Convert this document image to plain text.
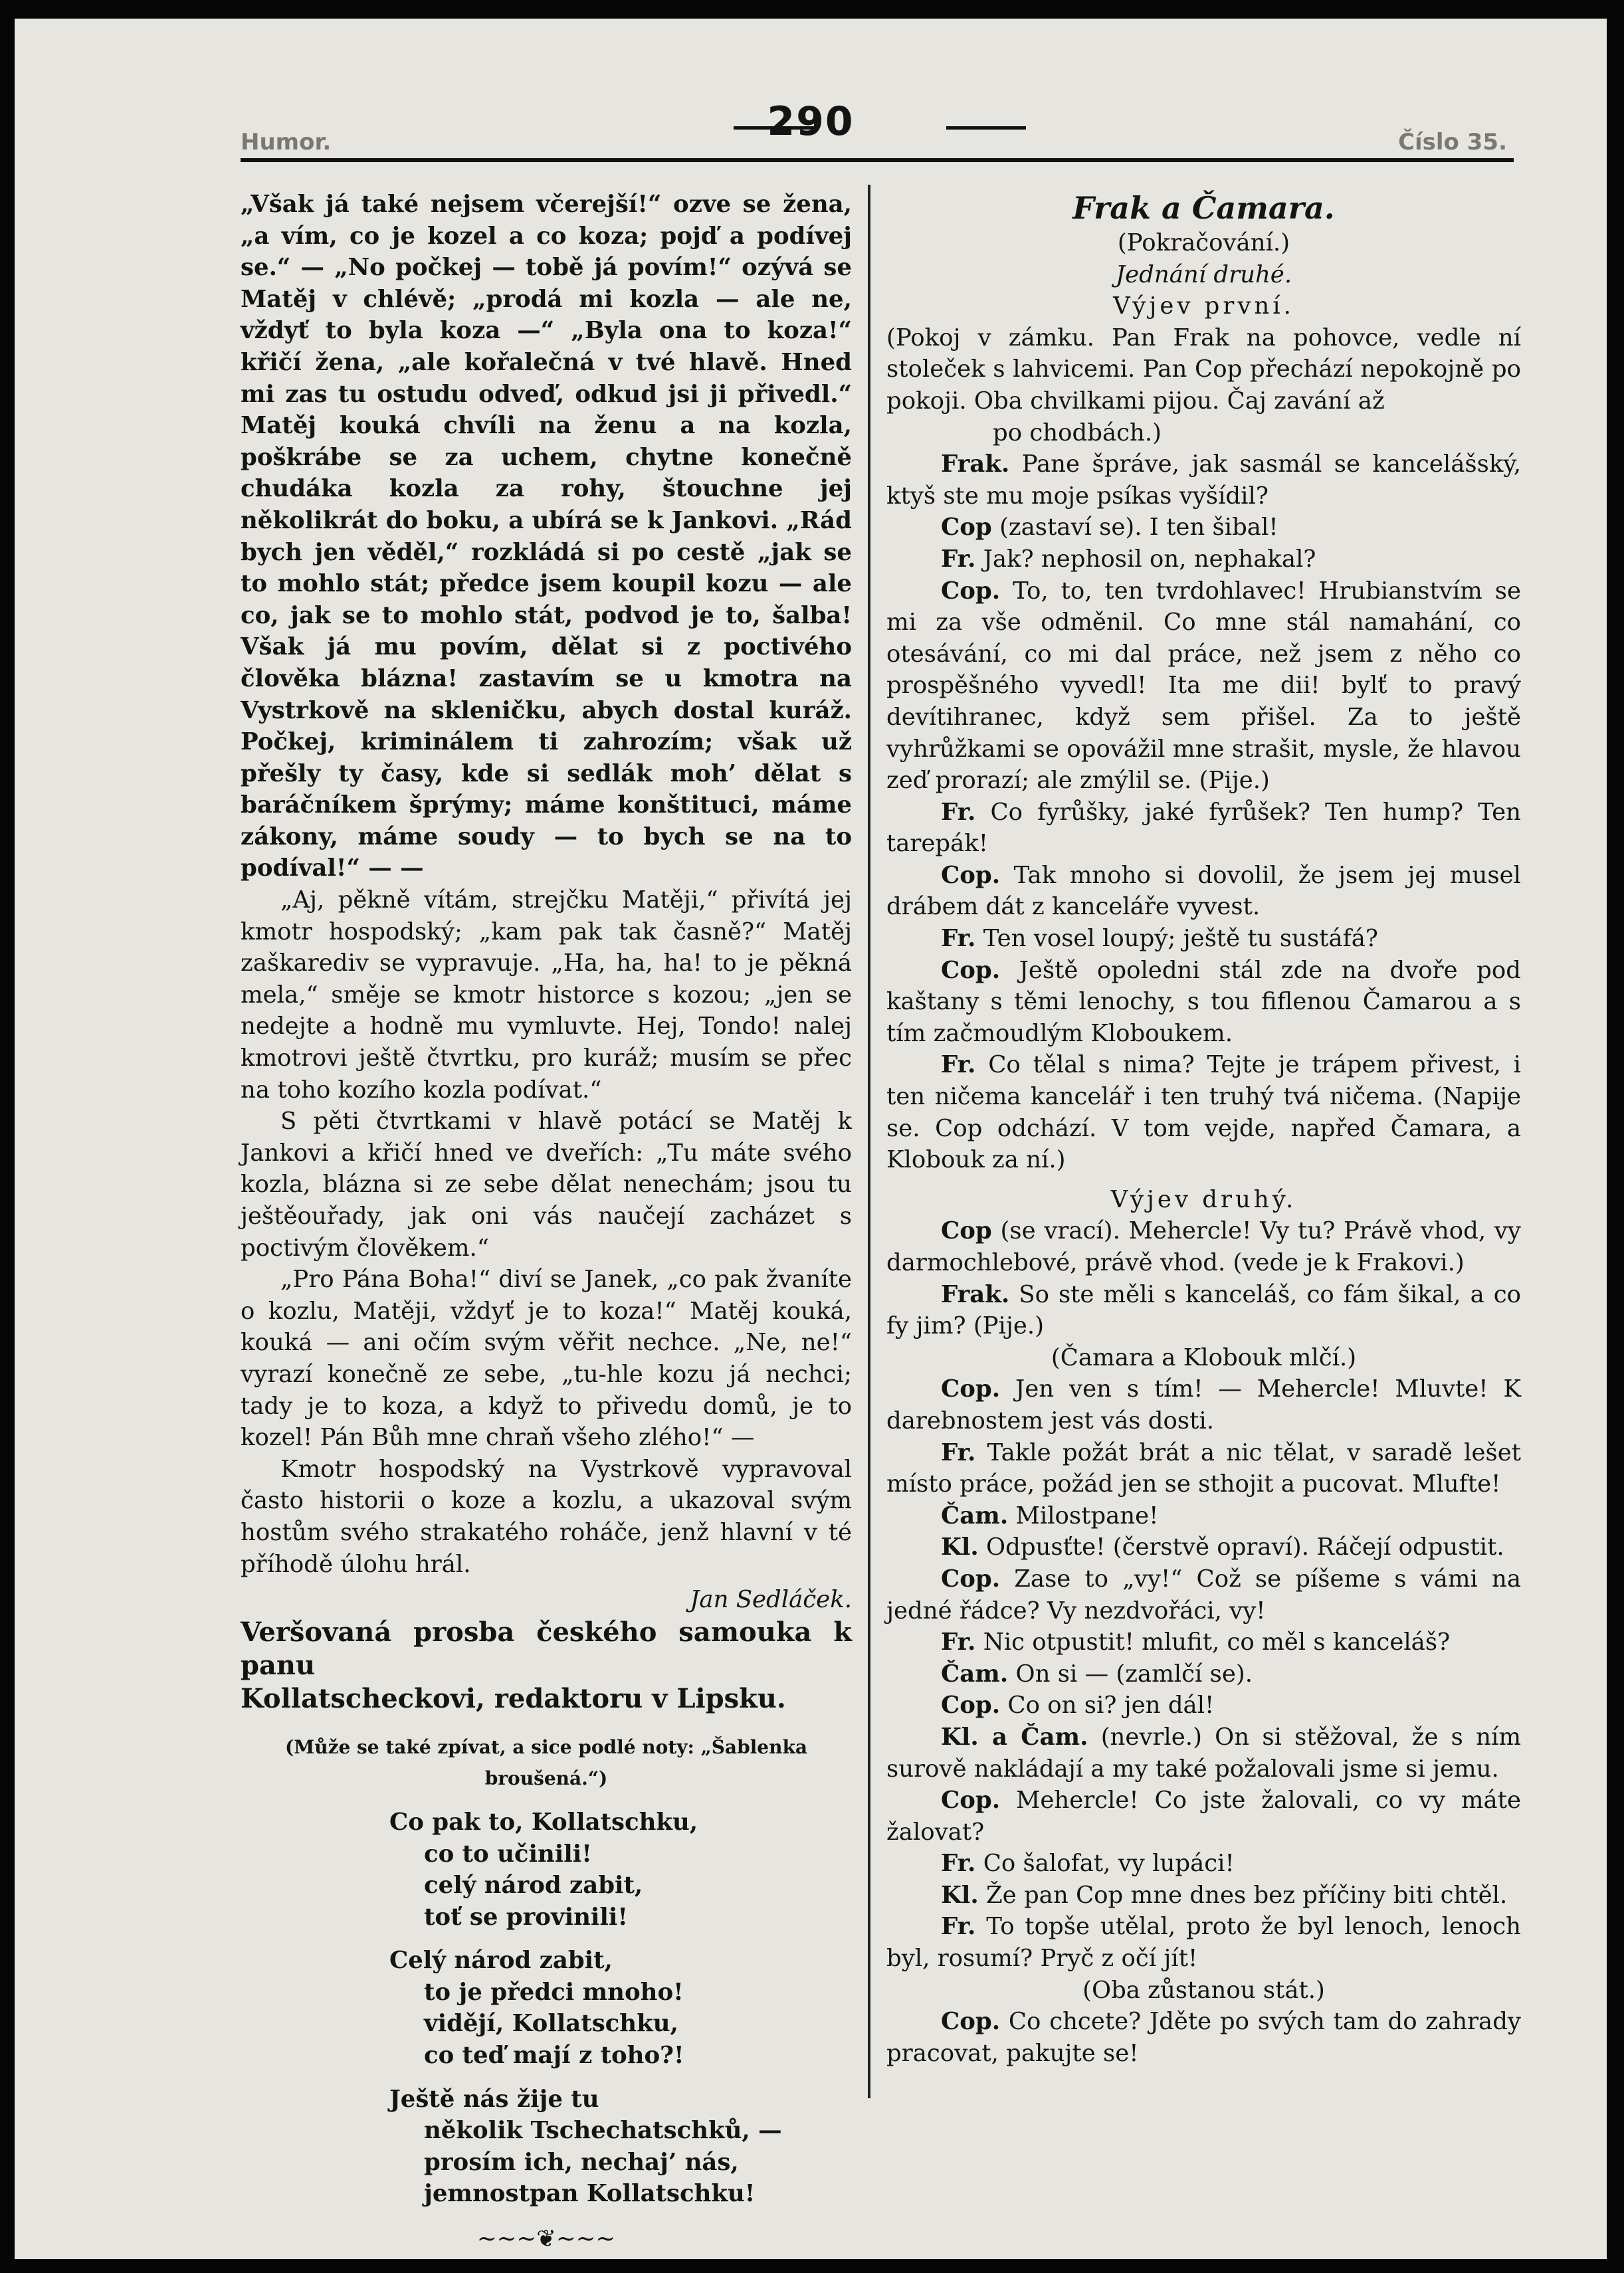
Humor.	290	Číslo 35.

„Však já také nejsem včerejší!“ ozve se žena, „a vím, co je kozel a co koza; pojď a podívej se.“ — „No počkej — tobě já povím!“ ozývá se Matěj v chlévě; „prodá mi kozla — ale ne, vždyť to byla koza —“ „Byla ona to koza!“ křičí žena, „ale kořalečná v tvé hlavě. Hned mi zas tu ostudu odveď, odkud jsi ji přivedl.“ Matěj kouká chvíli na ženu a na kozla, poškrábe se za uchem, chytne konečně chudáka kozla za rohy, štouchne jej několikrát do boku, a ubírá se k Jankovi. „Rád bych jen věděl,“ rozkládá si po cestě „jak se to mohlo stát; předce jsem koupil kozu — ale co, jak se to mohlo stát, podvod je to, šalba! Však já mu povím, dělat si z poctivého člověka blázna! zastavím se u kmotra na Vystrkově na skleničku, abych dostal kuráž. Počkej, kriminálem ti zahrozím; však už přešly ty časy, kde si sedlák moh’ dělat s baráčníkem šprýmy; máme konštituci, máme zákony, máme soudy — to bych se na to podíval!“ — —

„Aj, pěkně vítám, strejčku Matěji,“ přivítá jej kmotr hospodský; „kam pak tak časně?“ Matěj zaškarediv se vypravuje. „Ha, ha, ha! to je pěkná mela,“ směje se kmotr historce s kozou; „jen se nedejte a hodně mu vymluvte. Hej, Tondo! nalej kmotrovi ještě čtvrtku, pro kuráž; musím se přec na toho kozího kozla podívat.“

S pěti čtvrtkami v hlavě potácí se Matěj k Jankovi a křičí hned ve dveřích: „Tu máte svého kozla, blázna si ze sebe dělat nenechám; jsou tu ještěouřady, jak oni vás naučejí zacházet s poctivým člověkem.“

„Pro Pána Boha!“ diví se Janek, „co pak žvaníte o kozlu, Matěji, vždyť je to koza!“ Matěj kouká, kouká — ani očím svým věřit nechce. „Ne, ne!“ vyrazí konečně ze sebe, „tu-hle kozu já nechci; tady je to koza, a když to přivedu domů, je to kozel! Pán Bůh mne chraň všeho zlého!“ —

Kmotr hospodský na Vystrkově vypravoval často historii o koze a kozlu, a ukazoval svým hostům svého strakatého roháče, jenž hlavní v té příhodě úlohu hrál.

Jan Sedláček.

Veršovaná prosba českého samouka k panu
Kollatscheckovi, redaktoru v Lipsku.

(Může se také zpívat, a sice podlé noty: „Šablenka broušená.“)

Co pak to, Kollatschku,
co to učinili!
celý národ zabit,
toť se provinili!
Celý národ zabit,
to je předci mnoho!
vidějí, Kollatschku,
co teď mají z toho?!
Ještě nás žije tu
několik Tschechatschků, —
prosím ich, nechaj’ nás,
jemnostpan Kollatschku!
~~~❦~~~

Frak a Čamara.

(Pokračování.)

Jednání druhé.

Výjev první.

(Pokoj v zámku. Pan Frak na pohovce, vedle ní stoleček s lahvicemi. Pan Cop přechází nepokojně po pokoji. Oba chvilkami pijou. Čaj zavání až

po chodbách.)

Frak. Pane špráve, jak sasmál se kancelášský, ktyš ste mu moje psíkas vyšídil?

Cop (zastaví se). I ten šibal!

Fr. Jak? nephosil on, nephakal?

Cop. To, to, ten tvrdohlavec! Hrubianstvím se mi za vše odměnil. Co mne stál namahání, co otesávání, co mi dal práce, než jsem z něho co prospěšného vyvedl! Ita me dii! bylť to pravý devítihranec, když sem přišel. Za to ještě vyhrůžkami se opovážil mne strašit, mysle, že hlavou zeď prorazí; ale zmýlil se. (Pije.)

Fr. Co fyrůšky, jaké fyrůšek? Ten hump? Ten tarepák!

Cop. Tak mnoho si dovolil, že jsem jej musel drábem dát z kanceláře vyvest.

Fr. Ten vosel loupý; ještě tu sustáfá?

Cop. Ještě opoledni stál zde na dvoře pod kaštany s těmi lenochy, s tou fiflenou Čamarou a s tím začmoudlým Kloboukem.

Fr. Co tělal s nima? Tejte je trápem přivest, i ten ničema kancelář i ten truhý tvá ničema. (Napije se. Cop odchází. V tom vejde, napřed Čamara, a Klobouk za ní.)

Výjev druhý.

Cop (se vrací). Mehercle! Vy tu? Právě vhod, vy darmochlebové, právě vhod. (vede je k Frakovi.)

Frak. So ste měli s kanceláš, co fám šikal, a co fy jim? (Pije.)

(Čamara a Klobouk mlčí.)

Cop. Jen ven s tím! — Mehercle! Mluvte! K darebnostem jest vás dosti.

Fr. Takle požát brát a nic tělat, v saradě lešet místo práce, požád jen se sthojit a pucovat. Mlufte!

Čam. Milostpane!

Kl. Odpusťte! (čerstvě opraví). Ráčejí odpustit.

Cop. Zase to „vy!“ Což se píšeme s vámi na jedné řádce? Vy nezdvořáci, vy!

Fr. Nic otpustit! mlufit, co měl s kanceláš?

Čam. On si — (zamlčí se).

Cop. Co on si? jen dál!

Kl. a Čam. (nevrle.) On si stěžoval, že s ním surově nakládají a my také požalovali jsme si jemu.

Cop. Mehercle! Co jste žalovali, co vy máte žalovat?

Fr. Co šalofat, vy lupáci!

Kl. Že pan Cop mne dnes bez příčiny biti chtěl.

Fr. To topše utělal, proto že byl lenoch, lenoch byl, rosumí? Pryč z očí jít!

(Oba zůstanou stát.)

Cop. Co chcete? Jděte po svých tam do zahrady pracovat, pakujte se!
